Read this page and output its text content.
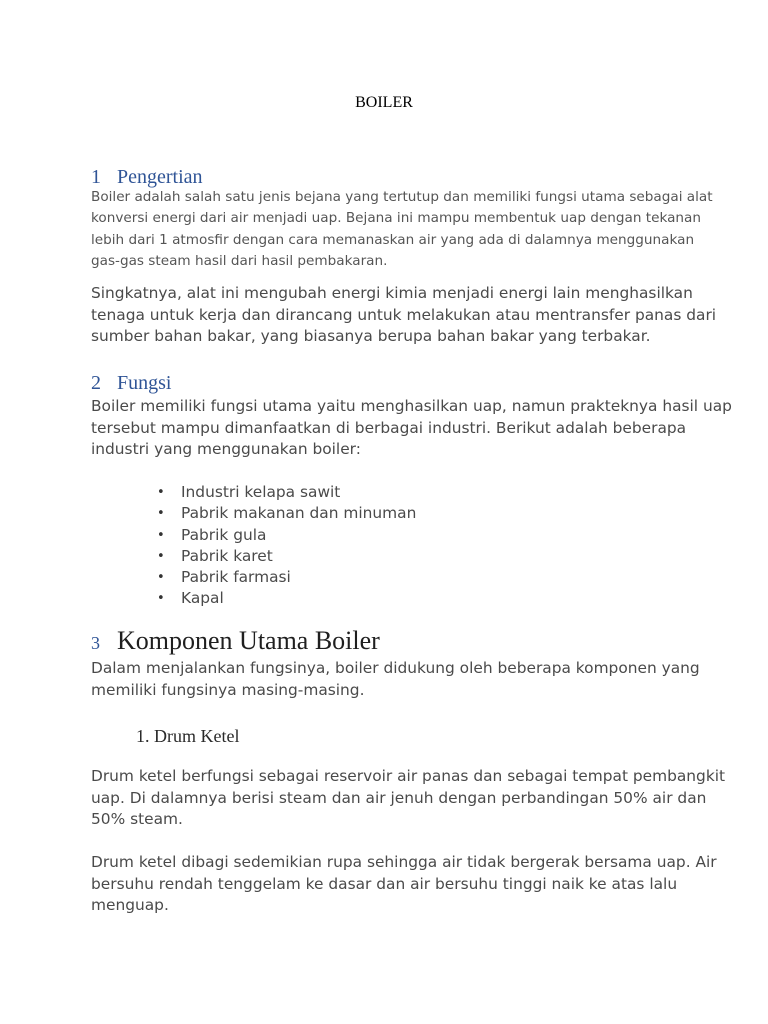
BOILER
1 Pengertian
Boiler adalah salah satu jenis bejana yang tertutup dan memiliki fungsi utama sebagai alat
konversi energi dari air menjadi uap. Bejana ini mampu membentuk uap dengan tekanan
lebih dari 1 atmosfir dengan cara memanaskan air yang ada di dalamnya menggunakan
gas-gas steam hasil dari hasil pembakaran.
Singkatnya, alat ini mengubah energi kimia menjadi energi lain menghasilkan
tenaga untuk kerja dan dirancang untuk melakukan atau mentransfer panas dari
sumber bahan bakar, yang biasanya berupa bahan bakar yang terbakar.
2 Fungsi
Boiler memiliki fungsi utama yaitu menghasilkan uap, namun prakteknya hasil uap
tersebut mampu dimanfaatkan di berbagai industri. Berikut adalah beberapa
industri yang menggunakan boiler:
• Industri kelapa sawit
• Pabrik makanan dan minuman
• Pabrik gula
• Pabrik karet
• Pabrik farmasi
• Kapal
3 Komponen Utama Boiler
Dalam menjalankan fungsinya, boiler didukung oleh beberapa komponen yang
memiliki fungsinya masing-masing.
1. Drum Ketel
Drum ketel berfungsi sebagai reservoir air panas dan sebagai tempat pembangkit
uap. Di dalamnya berisi steam dan air jenuh dengan perbandingan 50% air dan
50% steam.
Drum ketel dibagi sedemikian rupa sehingga air tidak bergerak bersama uap. Air
bersuhu rendah tenggelam ke dasar dan air bersuhu tinggi naik ke atas lalu
menguap.
